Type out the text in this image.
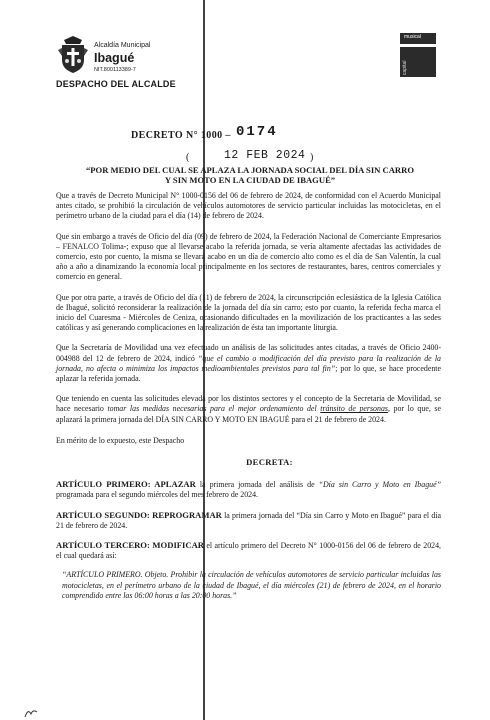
Alcaldía Municipal
Ibagué
NIT.800113389-7
DESPACHO DEL ALCALDE
musical
capital
DECRETO N° 1000 – 0174
(	12 FEB 2024 )
“POR MEDIO DEL CUAL SE APLAZA LA JORNADA SOCIAL DEL DÍA SIN CARRO
Y SIN MOTO EN LA CIUDAD DE IBAGUÉ”

Que a través de Decreto Municipal N° 1000-0156 del 06 de febrero de 2024, de conformidad con el Acuerdo Municipal antes citado, se prohibió la circulación de vehículos automotores de servicio particular incluidas las motocicletas, en el perímetro urbano de la ciudad para el día (14) de febrero de 2024.

Que sin embargo a través de Oficio del día (09) de febrero de 2024, la Federación Nacional de Comerciante Empresarios – FENALCO Tolima-; expuso que al llevarse acabo la referida jornada, se vería altamente afectadas las actividades de comercio, esto por cuento, la misma se llevará acabo en un día de comercio alto como es el día de San Valentín, la cual año a año a dinamizando la economía local principalmente en los sectores de restaurantes, bares, centros comerciales y comercio en general.

Que por otra parte, a través de Oficio del día (11) de febrero de 2024, la circunscripción eclesiástica de la Iglesia Católica de Ibagué, solicitó reconsiderar la realización de la jornada del día sin carro; esto por cuanto, la referida fecha marca el inicio del Cuaresma - Miércoles de Ceniza, ocasionando dificultades en la movilización de los practicantes a las sedes católicas y así generando complicaciones en la realización de ésta tan importante liturgia.

Que la Secretaría de Movilidad una vez efectuado un análisis de las solicitudes antes citadas, a través de Oficio 2400-004988 del 12 de febrero de 2024, indicó “que el cambio o modificación del día previsto para la realización de la jornada, no afecta o minimiza los impactos medioambientales previstos para tal fin”; por lo que, se hace procedente aplazar la referida jornada.

Que teniendo en cuenta las solicitudes elevada por los distintos sectores y el concepto de la Secretaria de Movilidad, se hace necesario tomar las medidas necesarias para el mejor ordenamiento del tránsito de personas, por lo que, se aplazará la primera jornada del DÍA SIN CARRO Y MOTO EN IBAGUÉ para el 21 de febrero de 2024.

En mérito de lo expuesto, este Despacho

DECRETA:

ARTÍCULO PRIMERO: APLAZAR la primera jornada del análisis de “Día sin Carro y Moto en Ibagué” programada para el segundo miércoles del mes febrero de 2024.

ARTÍCULO SEGUNDO: REPROGRAMAR la primera jornada del “Día sin Carro y Moto en Ibagué” para el día 21 de febrero de 2024.

ARTÍCULO TERCERO: MODIFICAR el artículo primero del Decreto N° 1000-0156 del 06 de febrero de 2024, el cual quedará así:

“ARTÍCULO PRIMERO. Objeto. Prohibir la circulación de vehículos automotores de servicio particular incluidas las motocicletas, en el perímetro urbano de la ciudad de Ibagué, el día miércoles (21) de febrero de 2024, en el horario comprendido entre las 06:00 horas a las 20:00 horas.”
